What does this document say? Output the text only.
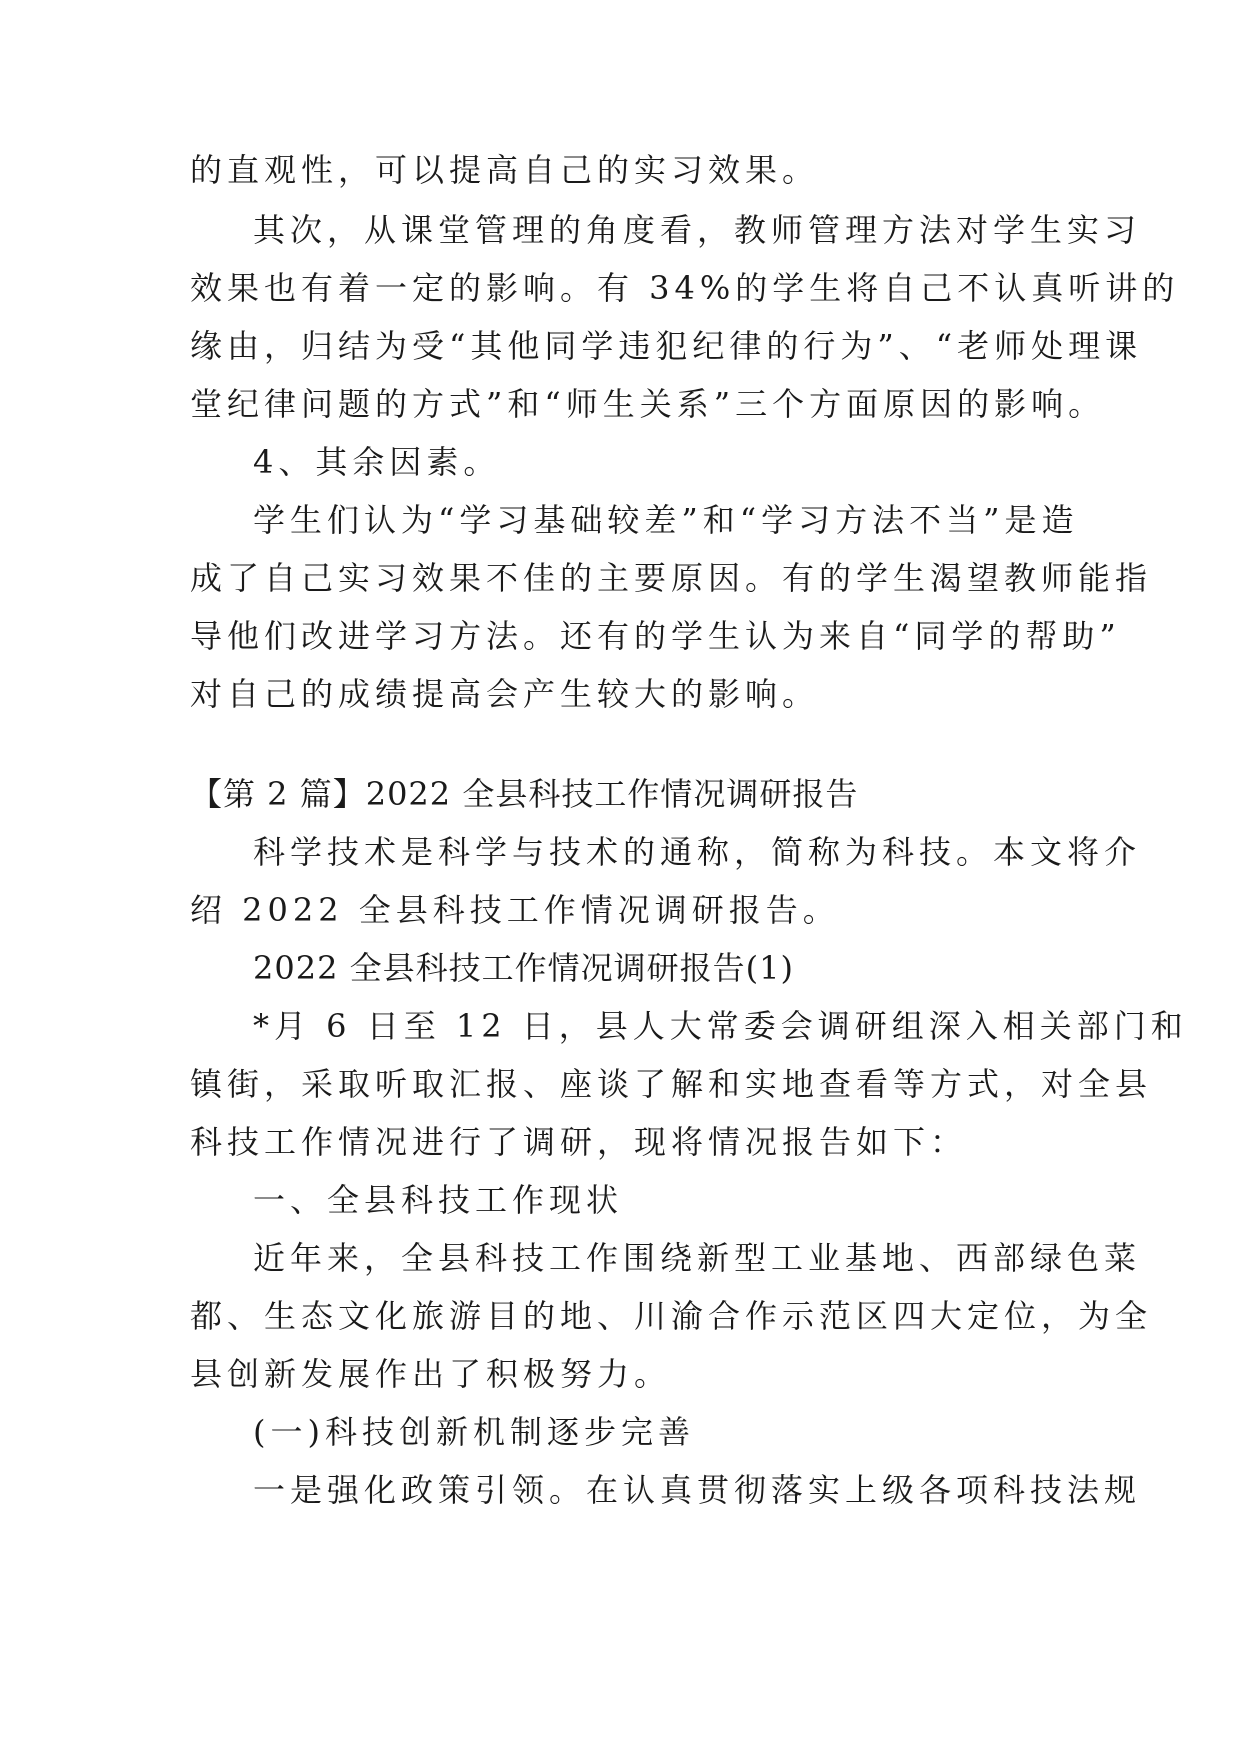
的直观性，可以提高自己的实习效果。
其次，从课堂管理的角度看，教师管理方法对学生实习
效果也有着一定的影响。有 34%的学生将自己不认真听讲的
缘由，归结为受“其他同学违犯纪律的行为”、“老师处理课
堂纪律问题的方式”和“师生关系”三个方面原因的影响。
4、其余因素。
学生们认为“学习基础较差”和“学习方法不当”是造
成了自己实习效果不佳的主要原因。有的学生渴望教师能指
导他们改进学习方法。还有的学生认为来自“同学的帮助”
对自己的成绩提高会产生较大的影响。
【第 2 篇】2022 全县科技工作情况调研报告
科学技术是科学与技术的通称，简称为科技。本文将介
绍 2022 全县科技工作情况调研报告。
2022 全县科技工作情况调研报告(1)
*月 6 日至 12 日，县人大常委会调研组深入相关部门和
镇街，采取听取汇报、座谈了解和实地查看等方式，对全县
科技工作情况进行了调研，现将情况报告如下：
一、全县科技工作现状
近年来，全县科技工作围绕新型工业基地、西部绿色菜
都、生态文化旅游目的地、川渝合作示范区四大定位，为全
县创新发展作出了积极努力。
(一)科技创新机制逐步完善
一是强化政策引领。在认真贯彻落实上级各项科技法规
